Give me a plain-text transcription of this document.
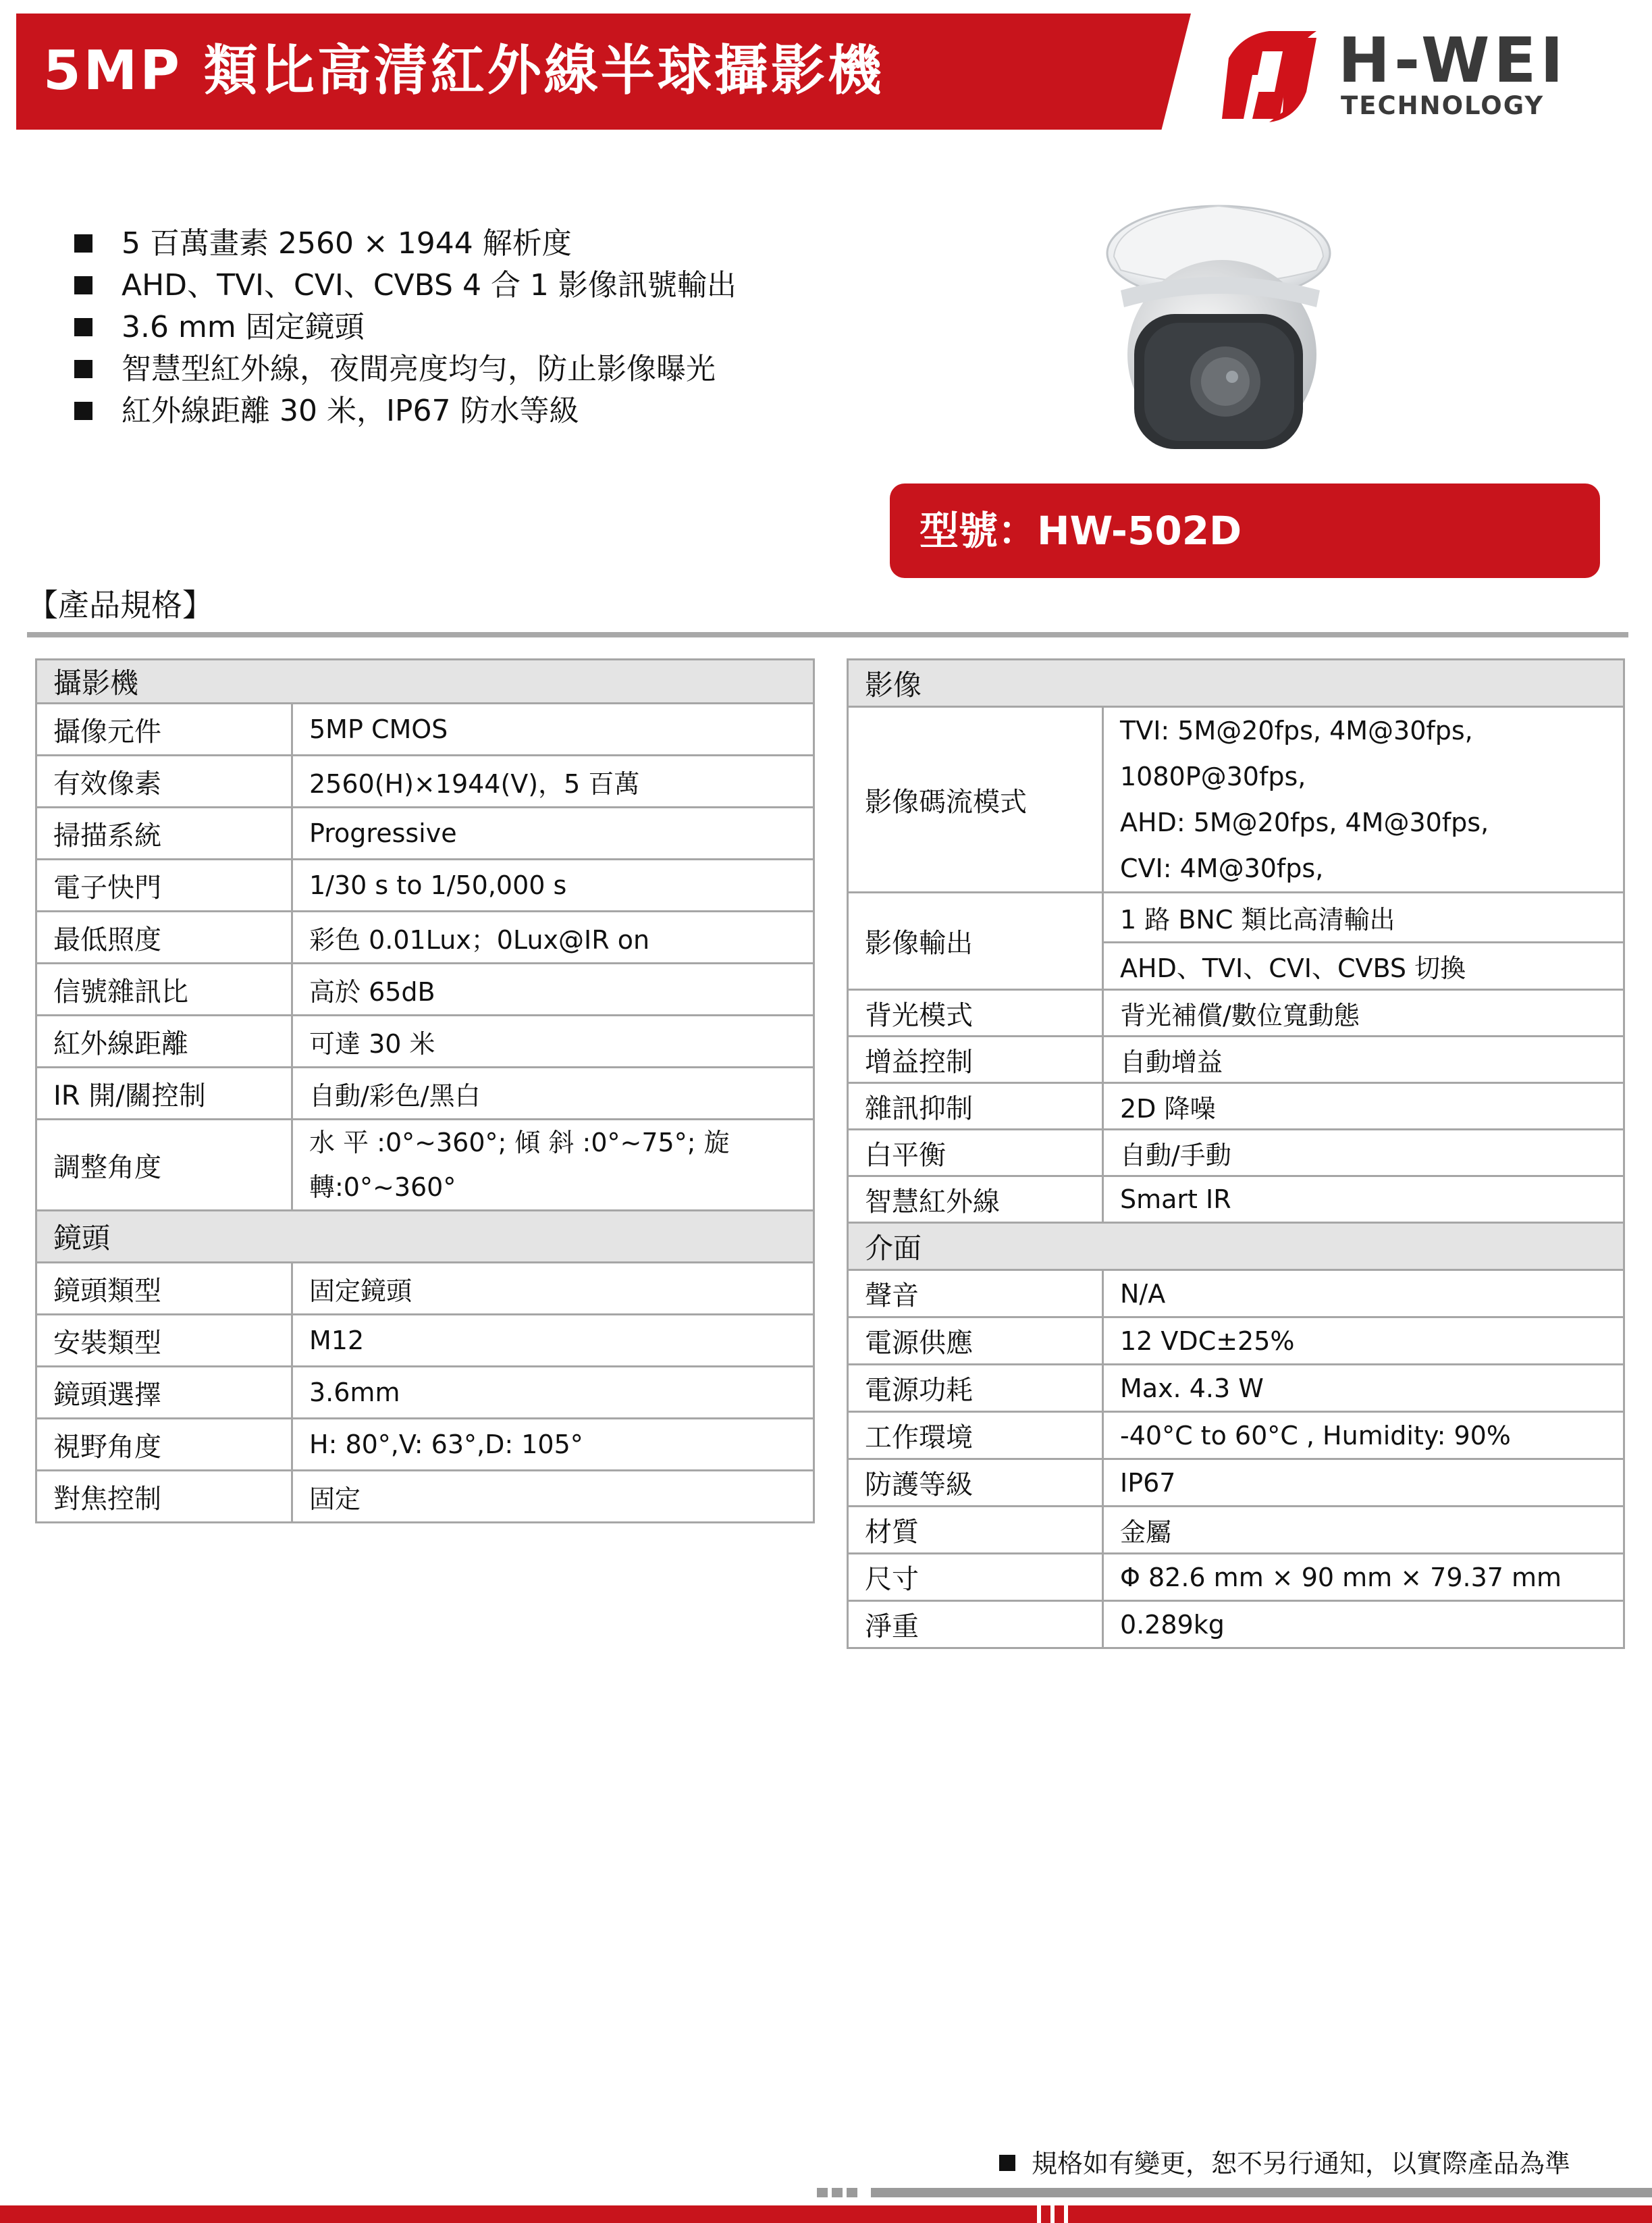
5MP 類比高清紅外線半球攝影機	H-WEI
TECHNOLOGY
5 百萬畫素 2560 × 1944 解析度
AHD、TVI、CVI、CVBS 4 合 1 影像訊號輸出
3.6 mm 固定鏡頭
智慧型紅外線，夜間亮度均勻，防止影像曝光
紅外線距離 30 米，IP67 防水等級
型號：HW-502D
【產品規格】
攝影機	
攝像元件	5MP CMOS
有效像素	2560(H)×1944(V)，5 百萬
掃描系統	Progressive
電子快門	1/30 s to 1/50,000 s
最低照度	彩色 0.01Lux；0Lux@IR on
信號雜訊比	高於 65dB
紅外線距離	可達 30 米
IR 開/關控制	自動/彩色/黑白
調整角度	水 平 :0°~360°; 傾 斜 :0°~75°; 旋
轉:0°~360°

鏡頭	
鏡頭類型	固定鏡頭
安裝類型	M12
鏡頭選擇	3.6mm
視野角度	H: 80°,V: 63°,D: 105°
對焦控制	固定
影像	
影像碼流模式	TVI: 5M@20fps, 4M@30fps,
1080P@30fps,
AHD: 5M@20fps, 4M@30fps,
CVI: 4M@30fps,

影像輸出	1 路 BNC 類比高清輸出
	AHD、TVI、CVI、CVBS 切換
背光模式	背光補償/數位寬動態
增益控制	自動增益
雜訊抑制	2D 降噪
白平衡	自動/手動
智慧紅外線	Smart IR
介面	
聲音	N/A
電源供應	12 VDC±25%
電源功耗	Max. 4.3 W
工作環境	-40°C to 60°C , Humidity: 90%
防護等級	IP67
材質	金屬
尺寸	Φ 82.6 mm × 90 mm × 79.37 mm
淨重	0.289kg
規格如有變更，恕不另行通知，以實際產品為準
